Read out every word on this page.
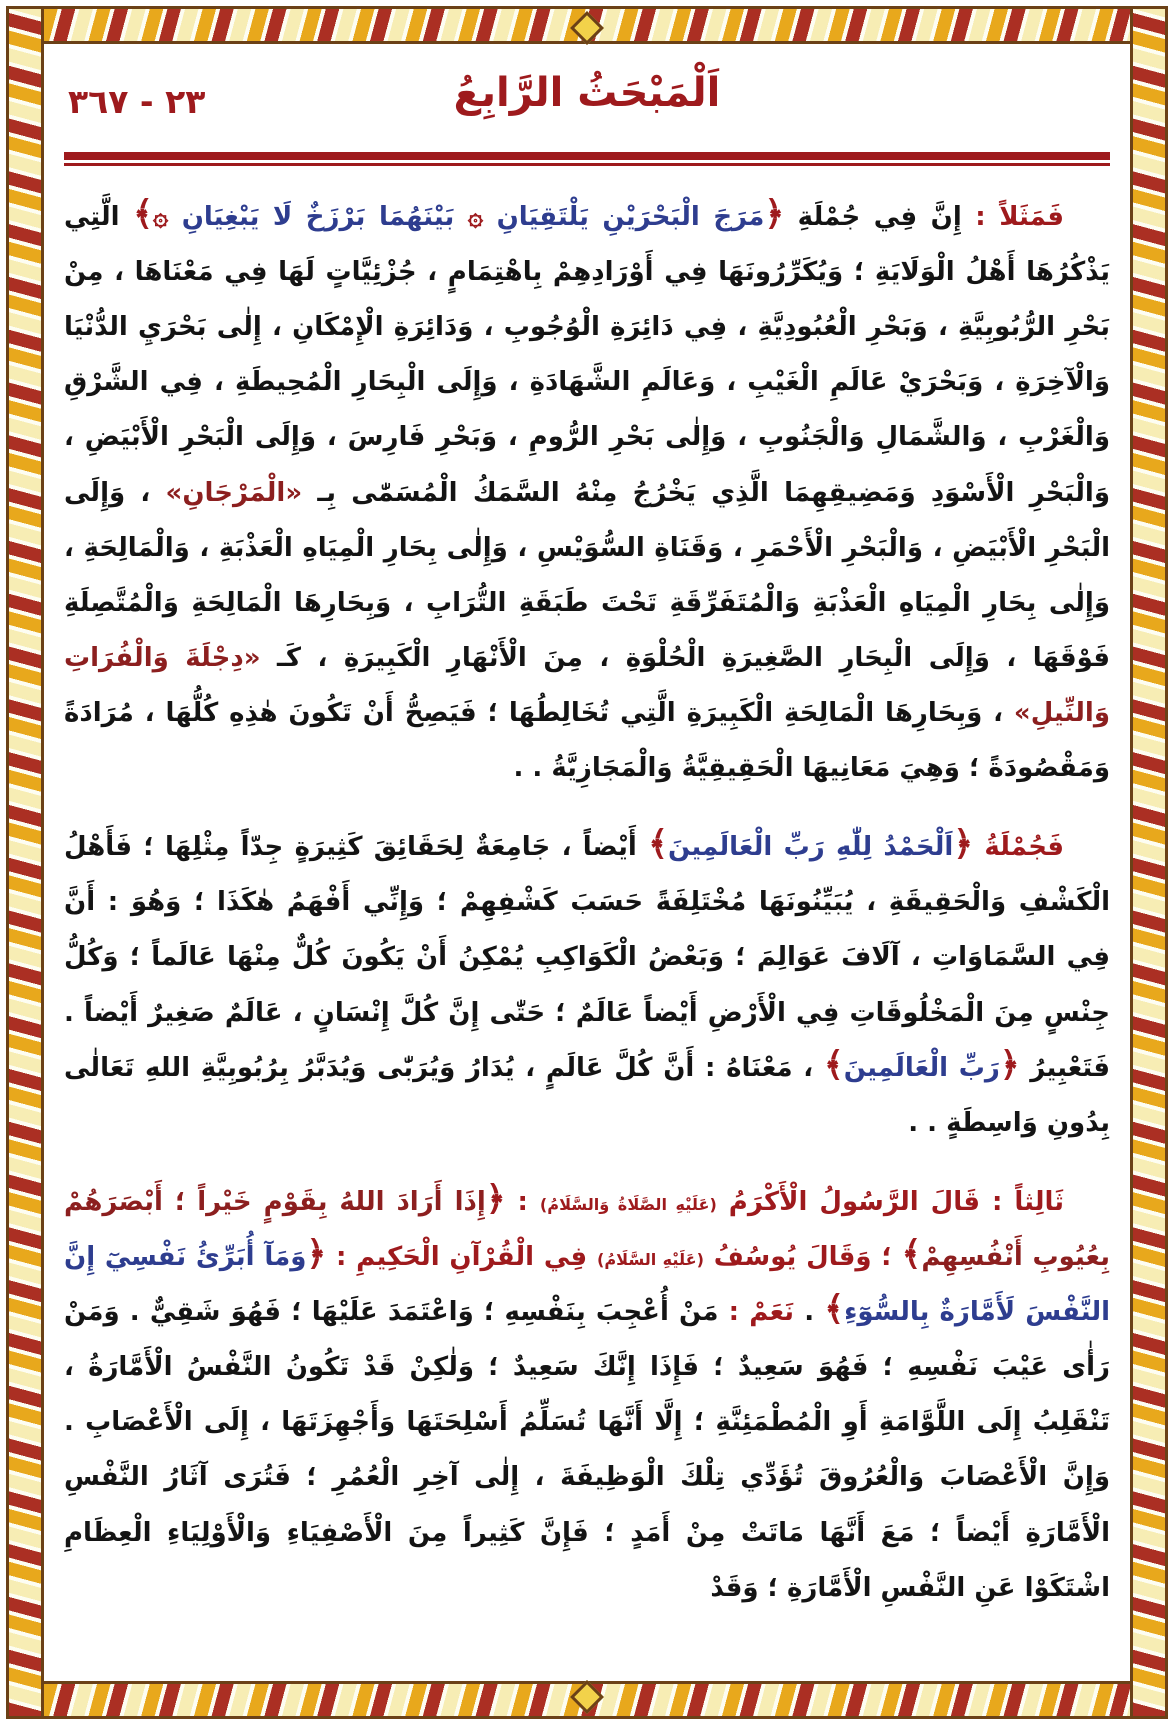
٢٣ - ٣٦٧	اَلْمَبْحَثُ الرَّابِعُ

فَمَثَلاً : إِنَّ فِي جُمْلَةِ ﴿مَرَجَ الْبَحْرَيْنِ يَلْتَقِيَانِ ۞ بَيْنَهُمَا بَرْزَخٌ لَا يَبْغِيَانِ ۞﴾ الَّتِي يَذْكُرُهَا أَهْلُ الْوَلَايَةِ ؛ وَيُكَرِّرُونَهَا فِي أَوْرَادِهِمْ بِاهْتِمَامٍ ، جُزْئِيَّاتٍ لَهَا فِي مَعْنَاهَا ، مِنْ بَحْرِ الرُّبُوبِيَّةِ ، وَبَحْرِ الْعُبُودِيَّةِ ، فِي دَائِرَةِ الْوُجُوبِ ، وَدَائِرَةِ الْإِمْكَانِ ، إِلٰى بَحْرَيِ الدُّنْيَا وَالْآخِرَةِ ، وَبَحْرَيْ عَالَمِ الْغَيْبِ ، وَعَالَمِ الشَّهَادَةِ ، وَإِلَى الْبِحَارِ الْمُحِيطَةِ ، فِي الشَّرْقِ وَالْغَرْبِ ، وَالشَّمَالِ وَالْجَنُوبِ ، وَإِلٰى بَحْرِ الرُّومِ ، وَبَحْرِ فَارِسَ ، وَإِلَى الْبَحْرِ الْأَبْيَضِ ، وَالْبَحْرِ الْأَسْوَدِ وَمَضِيقِهِمَا الَّذِي يَخْرُجُ مِنْهُ السَّمَكُ الْمُسَمّٰى بِـ «الْمَرْجَانِ» ، وَإِلَى الْبَحْرِ الْأَبْيَضِ ، وَالْبَحْرِ الْأَحْمَرِ ، وَقَنَاةِ السُّوَيْسِ ، وَإِلٰى بِحَارِ الْمِيَاهِ الْعَذْبَةِ ، وَالْمَالِحَةِ ، وَإِلٰى بِحَارِ الْمِيَاهِ الْعَذْبَةِ وَالْمُتَفَرِّقَةِ تَحْتَ طَبَقَةِ التُّرَابِ ، وَبِحَارِهَا الْمَالِحَةِ وَالْمُتَّصِلَةِ فَوْقَهَا ، وَإِلَى الْبِحَارِ الصَّغِيرَةِ الْحُلْوَةِ ، مِنَ الْأَنْهَارِ الْكَبِيرَةِ ، كَـ «دِجْلَةَ وَالْفُرَاتِ وَالنِّيلِ» ، وَبِحَارِهَا الْمَالِحَةِ الْكَبِيرَةِ الَّتِي تُخَالِطُهَا ؛ فَيَصِحُّ أَنْ تَكُونَ هٰذِهِ كُلُّهَا ، مُرَادَةً وَمَقْصُودَةً ؛ وَهِيَ مَعَانِيهَا الْحَقِيقِيَّةُ وَالْمَجَازِيَّةُ . .

فَجُمْلَةُ ﴿اَلْحَمْدُ لِلّٰهِ رَبِّ الْعَالَمِينَ﴾ أَيْضاً ، جَامِعَةٌ لِحَقَائِقَ كَثِيرَةٍ جِدّاً مِثْلِهَا ؛ فَأَهْلُ الْكَشْفِ وَالْحَقِيقَةِ ، يُبَيِّنُونَهَا مُخْتَلِفَةً حَسَبَ كَشْفِهِمْ ؛ وَإِنِّي أَفْهَمُ هٰكَذَا ؛ وَهُوَ : أَنَّ فِي السَّمَاوَاتِ ، آلَافَ عَوَالِمَ ؛ وَبَعْضُ الْكَوَاكِبِ يُمْكِنُ أَنْ يَكُونَ كُلٌّ مِنْهَا عَالَماً ؛ وَكُلُّ جِنْسٍ مِنَ الْمَخْلُوقَاتِ فِي الْأَرْضِ أَيْضاً عَالَمٌ ؛ حَتّٰى إِنَّ كُلَّ إِنْسَانٍ ، عَالَمٌ صَغِيرٌ أَيْضاً . فَتَعْبِيرُ ﴿رَبِّ الْعَالَمِينَ﴾ ، مَعْنَاهُ : أَنَّ كُلَّ عَالَمٍ ، يُدَارُ وَيُرَبّٰى وَيُدَبَّرُ بِرُبُوبِيَّةِ اللهِ تَعَالٰى بِدُونِ وَاسِطَةٍ . .

ثَالِثاً : قَالَ الرَّسُولُ الْأَكْرَمُ (عَلَيْهِ الصَّلَاةُ وَالسَّلَامُ) : ﴿إِذَا أَرَادَ اللهُ بِقَوْمٍ خَيْراً ؛ أَبْصَرَهُمْ بِعُيُوبِ أَنْفُسِهِمْ﴾ ؛ وَقَالَ يُوسُفُ (عَلَيْهِ السَّلَامُ) فِي الْقُرْآنِ الْحَكِيمِ : ﴿وَمَآ أُبَرِّئُ نَفْسِيٓ إِنَّ النَّفْسَ لَأَمَّارَةٌ بِالسُّوٓءِ﴾ . نَعَمْ : مَنْ أُعْجِبَ بِنَفْسِهِ ؛ وَاعْتَمَدَ عَلَيْهَا ؛ فَهُوَ شَقِيٌّ . وَمَنْ رَأٰى عَيْبَ نَفْسِهِ ؛ فَهُوَ سَعِيدٌ ؛ فَإِذَا إِنَّكَ سَعِيدٌ ؛ وَلٰكِنْ قَدْ تَكُونُ النَّفْسُ الْأَمَّارَةُ ، تَنْقَلِبُ إِلَى اللَّوَّامَةِ أَوِ الْمُطْمَئِنَّةِ ؛ إِلَّا أَنَّهَا تُسَلِّمُ أَسْلِحَتَهَا وَأَجْهِزَتَهَا ، إِلَى الْأَعْصَابِ . وَإِنَّ الْأَعْصَابَ وَالْعُرُوقَ تُؤَدِّي تِلْكَ الْوَظِيفَةَ ، إِلٰى آخِرِ الْعُمُرِ ؛ فَتُرَى آثَارُ النَّفْسِ الْأَمَّارَةِ أَيْضاً ؛ مَعَ أَنَّهَا مَاتَتْ مِنْ أَمَدٍ ؛ فَإِنَّ كَثِيراً مِنَ الْأَصْفِيَاءِ وَالْأَوْلِيَاءِ الْعِظَامِ اشْتَكَوْا عَنِ النَّفْسِ الْأَمَّارَةِ ؛ وَقَدْ
